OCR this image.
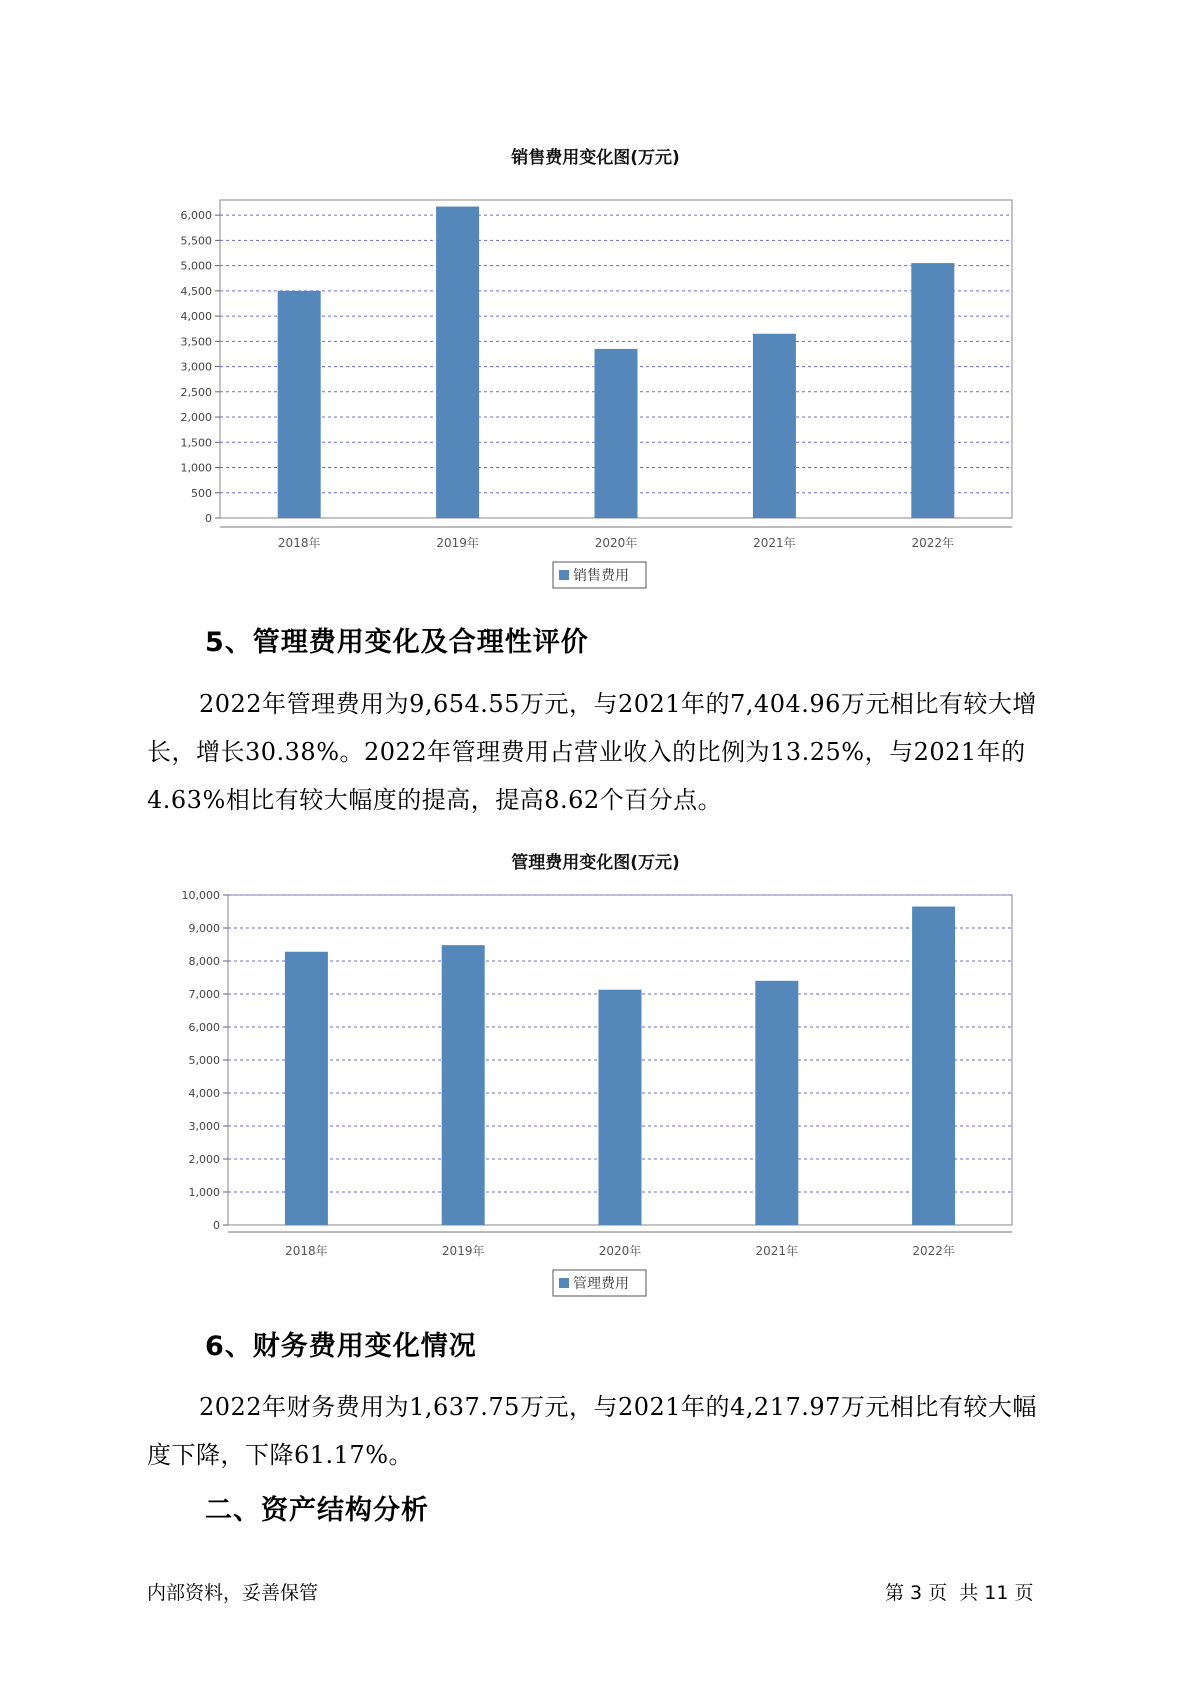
销售费用变化图(万元)
0
500
1,000
1,500
2,000
2,500
3,000
3,500
4,000
4,500
5,000
5,500
6,000
2018年	2019年	2020年	2021年	2022年
销售费用
5、管理费用变化及合理性评价

2022年管理费用为9,654.55万元，与2021年的7,404.96万元相比有较大增长，增长30.38%。2022年管理费用占营业收入的比例为13.25%，与2021年的4.63%相比有较大幅度的提高，提高8.62个百分点。

管理费用变化图(万元)
0
1,000
2,000
3,000
4,000
5,000
6,000
7,000
8,000
9,000
10,000
2018年	2019年	2020年	2021年	2022年
管理费用
6、财务费用变化情况

2022年财务费用为1,637.75万元，与2021年的4,217.97万元相比有较大幅度下降，下降61.17%。

二、资产结构分析
内部资料，妥善保管	第 3 页  共 11 页
